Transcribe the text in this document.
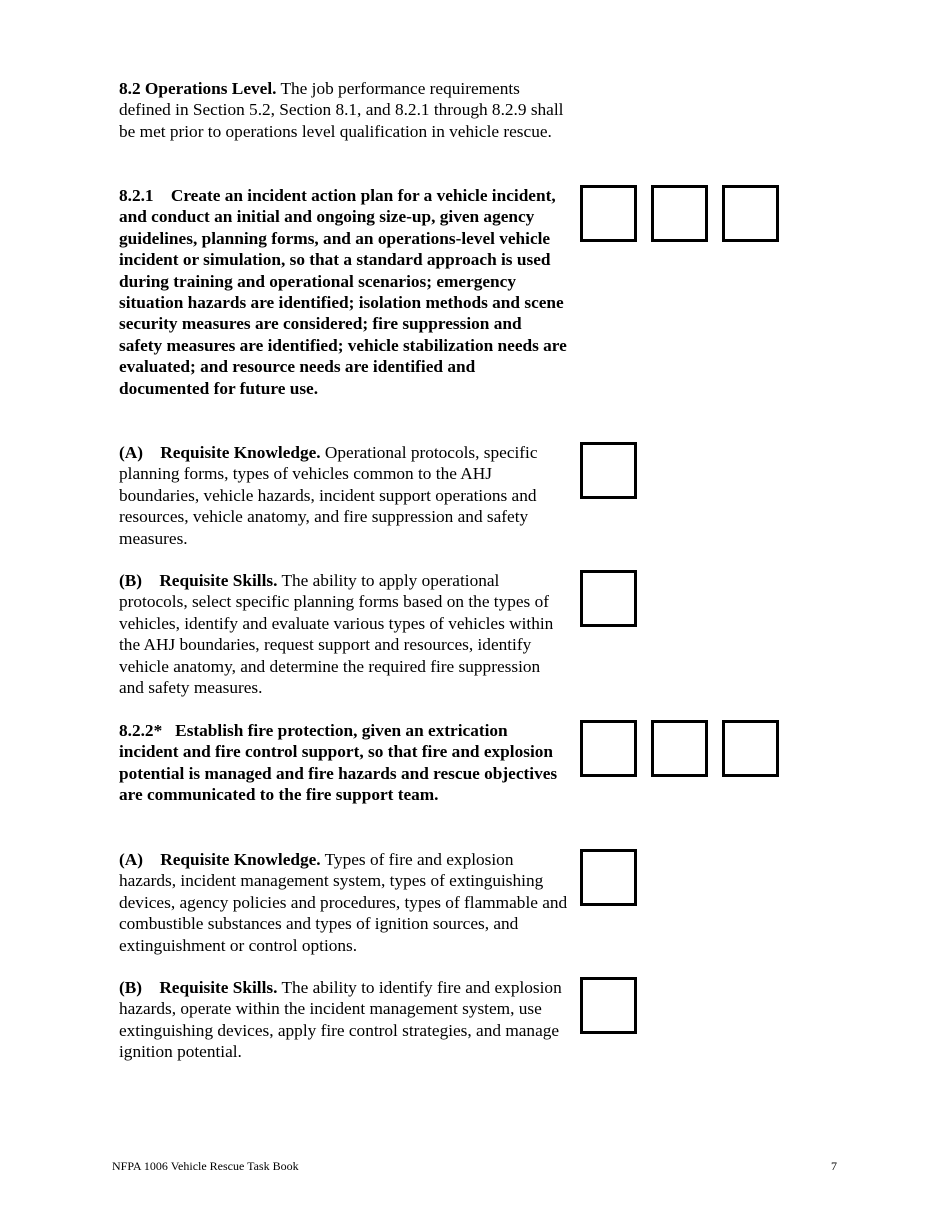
8.2 Operations Level. The job performance requirements defined in Section 5.2, Section 8.1, and 8.2.1 through 8.2.9 shall be met prior to operations level qualification in vehicle rescue.
8.2.1    Create an incident action plan for a vehicle incident, and conduct an initial and ongoing size-up, given agency guidelines, planning forms, and an operations-level vehicle incident or simulation, so that a standard approach is used during training and operational scenarios; emergency situation hazards are identified; isolation methods and scene security measures are considered; fire suppression and safety measures are identified; vehicle stabilization needs are evaluated; and resource needs are identified and documented for future use.
(A)    Requisite Knowledge. Operational protocols, specific planning forms, types of vehicles common to the AHJ boundaries, vehicle hazards, incident support operations and resources, vehicle anatomy, and fire suppression and safety measures.
(B)    Requisite Skills. The ability to apply operational protocols, select specific planning forms based on the types of vehicles, identify and evaluate various types of vehicles within the AHJ boundaries, request support and resources, identify vehicle anatomy, and determine the required fire suppression and safety measures.
8.2.2*   Establish fire protection, given an extrication incident and fire control support, so that fire and explosion potential is managed and fire hazards and rescue objectives are communicated to the fire support team.
(A)    Requisite Knowledge. Types of fire and explosion hazards, incident management system, types of extinguishing devices, agency policies and procedures, types of flammable and combustible substances and types of ignition sources, and extinguishment or control options.
(B)    Requisite Skills. The ability to identify fire and explosion hazards, operate within the incident management system, use extinguishing devices, apply fire control strategies, and manage ignition potential.
NFPA 1006 Vehicle Rescue Task Book	7
